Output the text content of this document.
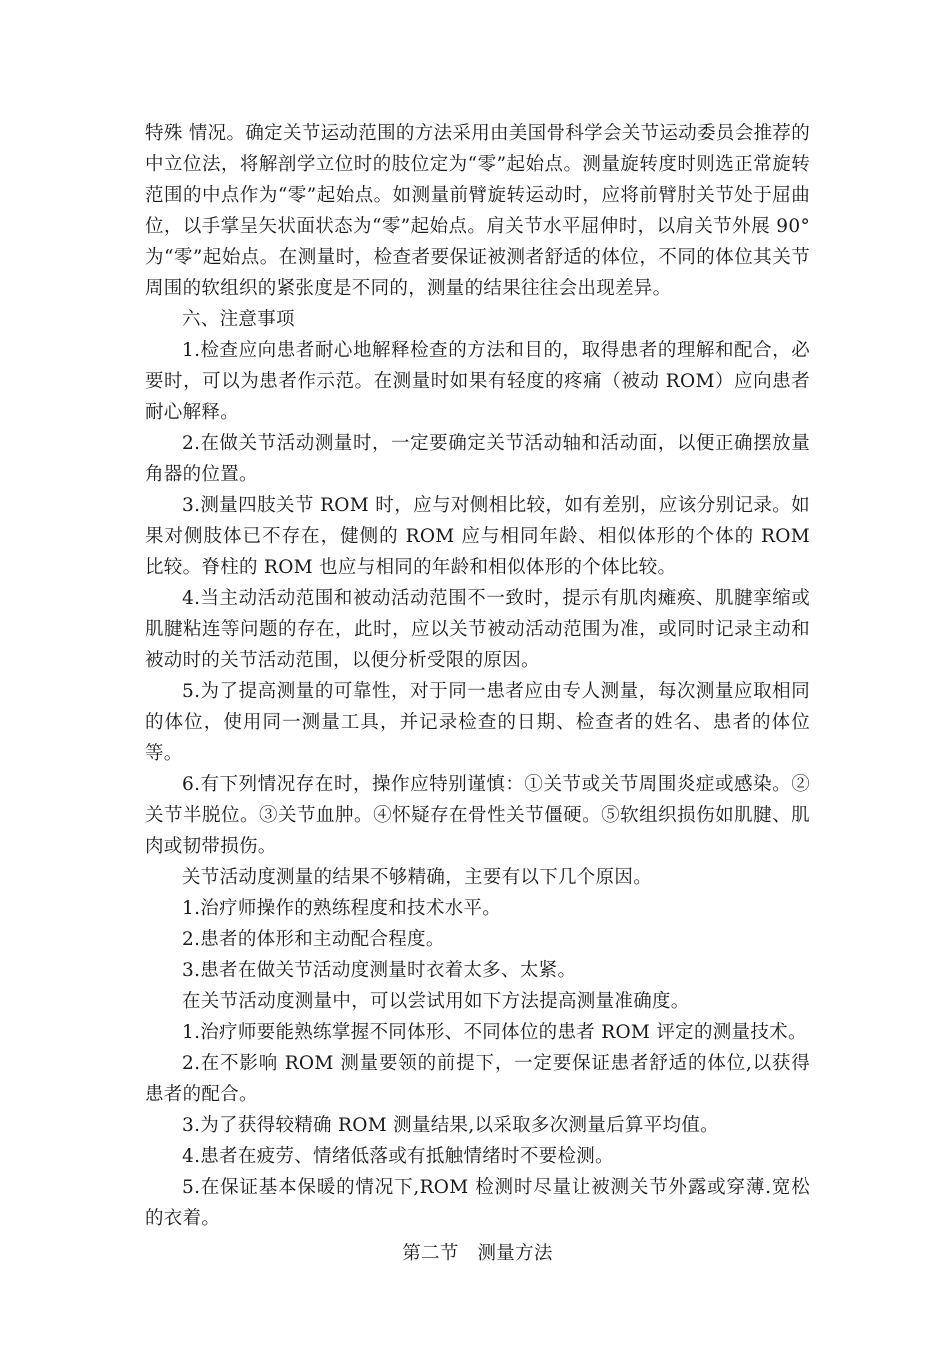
特殊 情况。确定关节运动范围的方法采用由美国骨科学会关节运动委员会推荐的中立位法，将解剖学立位时的肢位定为“零”起始点。测量旋转度时则选正常旋转范围的中点作为“零”起始点。如测量前臂旋转运动时，应将前臂肘关节处于屈曲位，以手掌呈矢状面状态为“零”起始点。肩关节水平屈伸时，以肩关节外展 90° 为“零”起始点。在测量时，检查者要保证被测者舒适的体位，不同的体位其关节周围的软组织的紧张度是不同的，测量的结果往往会出现差异。

六、注意事项

1.检查应向患者耐心地解释检查的方法和目的，取得患者的理解和配合，必要时，可以为患者作示范。在测量时如果有轻度的疼痛（被动 ROM）应向患者耐心解释。

2.在做关节活动测量时，一定要确定关节活动轴和活动面，以便正确摆放量角器的位置。

3.测量四肢关节 ROM 时，应与对侧相比较，如有差别，应该分别记录。如果对侧肢体已不存在，健侧的 ROM 应与相同年龄、相似体形的个体的 ROM 比较。脊柱的 ROM 也应与相同的年龄和相似体形的个体比较。

4.当主动活动范围和被动活动范围不一致时，提示有肌肉瘫痪、肌腱挛缩或肌腱粘连等问题的存在，此时，应以关节被动活动范围为准，或同时记录主动和被动时的关节活动范围，以便分析受限的原因。

5.为了提高测量的可靠性，对于同一患者应由专人测量，每次测量应取相同的体位，使用同一测量工具，并记录检查的日期、检查者的姓名、患者的体位等。

6.有下列情况存在时，操作应特别谨慎：①关节或关节周围炎症或感染。②关节半脱位。③关节血肿。④怀疑存在骨性关节僵硬。⑤软组织损伤如肌腱、肌肉或韧带损伤。

关节活动度测量的结果不够精确，主要有以下几个原因。

1.治疗师操作的熟练程度和技术水平。

2.患者的体形和主动配合程度。

3.患者在做关节活动度测量时衣着太多、太紧。

在关节活动度测量中，可以尝试用如下方法提高测量准确度。

1.治疗师要能熟练掌握不同体形、不同体位的患者 ROM 评定的测量技术。

2.在不影响 ROM 测量要领的前提下，一定要保证患者舒适的体位,以获得患者的配合。

3.为了获得较精确 ROM 测量结果,以采取多次测量后算平均值。

4.患者在疲劳、情绪低落或有抵触情绪时不要检测。

5.在保证基本保暖的情况下,ROM 检测时尽量让被测关节外露或穿薄.宽松的衣着。

第二节　测量方法
